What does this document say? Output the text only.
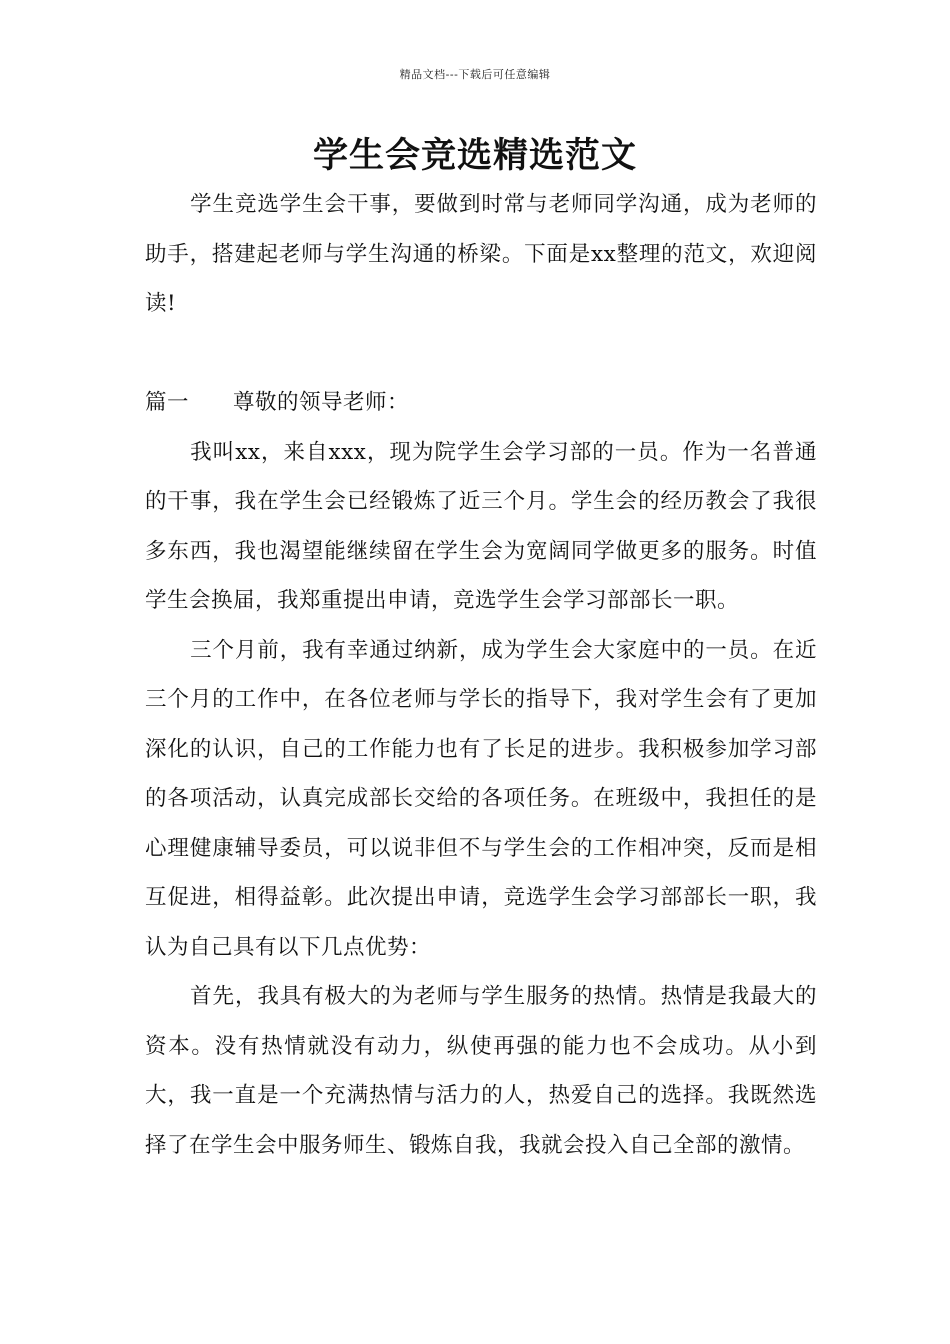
精品文档---下载后可任意编辑
学生会竞选精选范文

学生竞选学生会干事，要做到时常与老师同学沟通，成为老师的助手，搭建起老师与学生沟通的桥梁。下面是xx整理的范文，欢迎阅读!

篇一	尊敬的领导老师：

我叫xx，来自xxx，现为院学生会学习部的一员。作为一名普通的干事，我在学生会已经锻炼了近三个月。学生会的经历教会了我很多东西，我也渴望能继续留在学生会为宽阔同学做更多的服务。时值学生会换届，我郑重提出申请，竞选学生会学习部部长一职。

三个月前，我有幸通过纳新，成为学生会大家庭中的一员。在近三个月的工作中，在各位老师与学长的指导下，我对学生会有了更加深化的认识，自己的工作能力也有了长足的进步。我积极参加学习部的各项活动，认真完成部长交给的各项任务。在班级中，我担任的是心理健康辅导委员，可以说非但不与学生会的工作相冲突，反而是相互促进，相得益彰。此次提出申请，竞选学生会学习部部长一职，我认为自己具有以下几点优势：

首先，我具有极大的为老师与学生服务的热情。热情是我最大的资本。没有热情就没有动力，纵使再强的能力也不会成功。从小到大，我一直是一个充满热情与活力的人，热爱自己的选择。我既然选择了在学生会中服务师生、锻炼自我，我就会投入自己全部的激情。
